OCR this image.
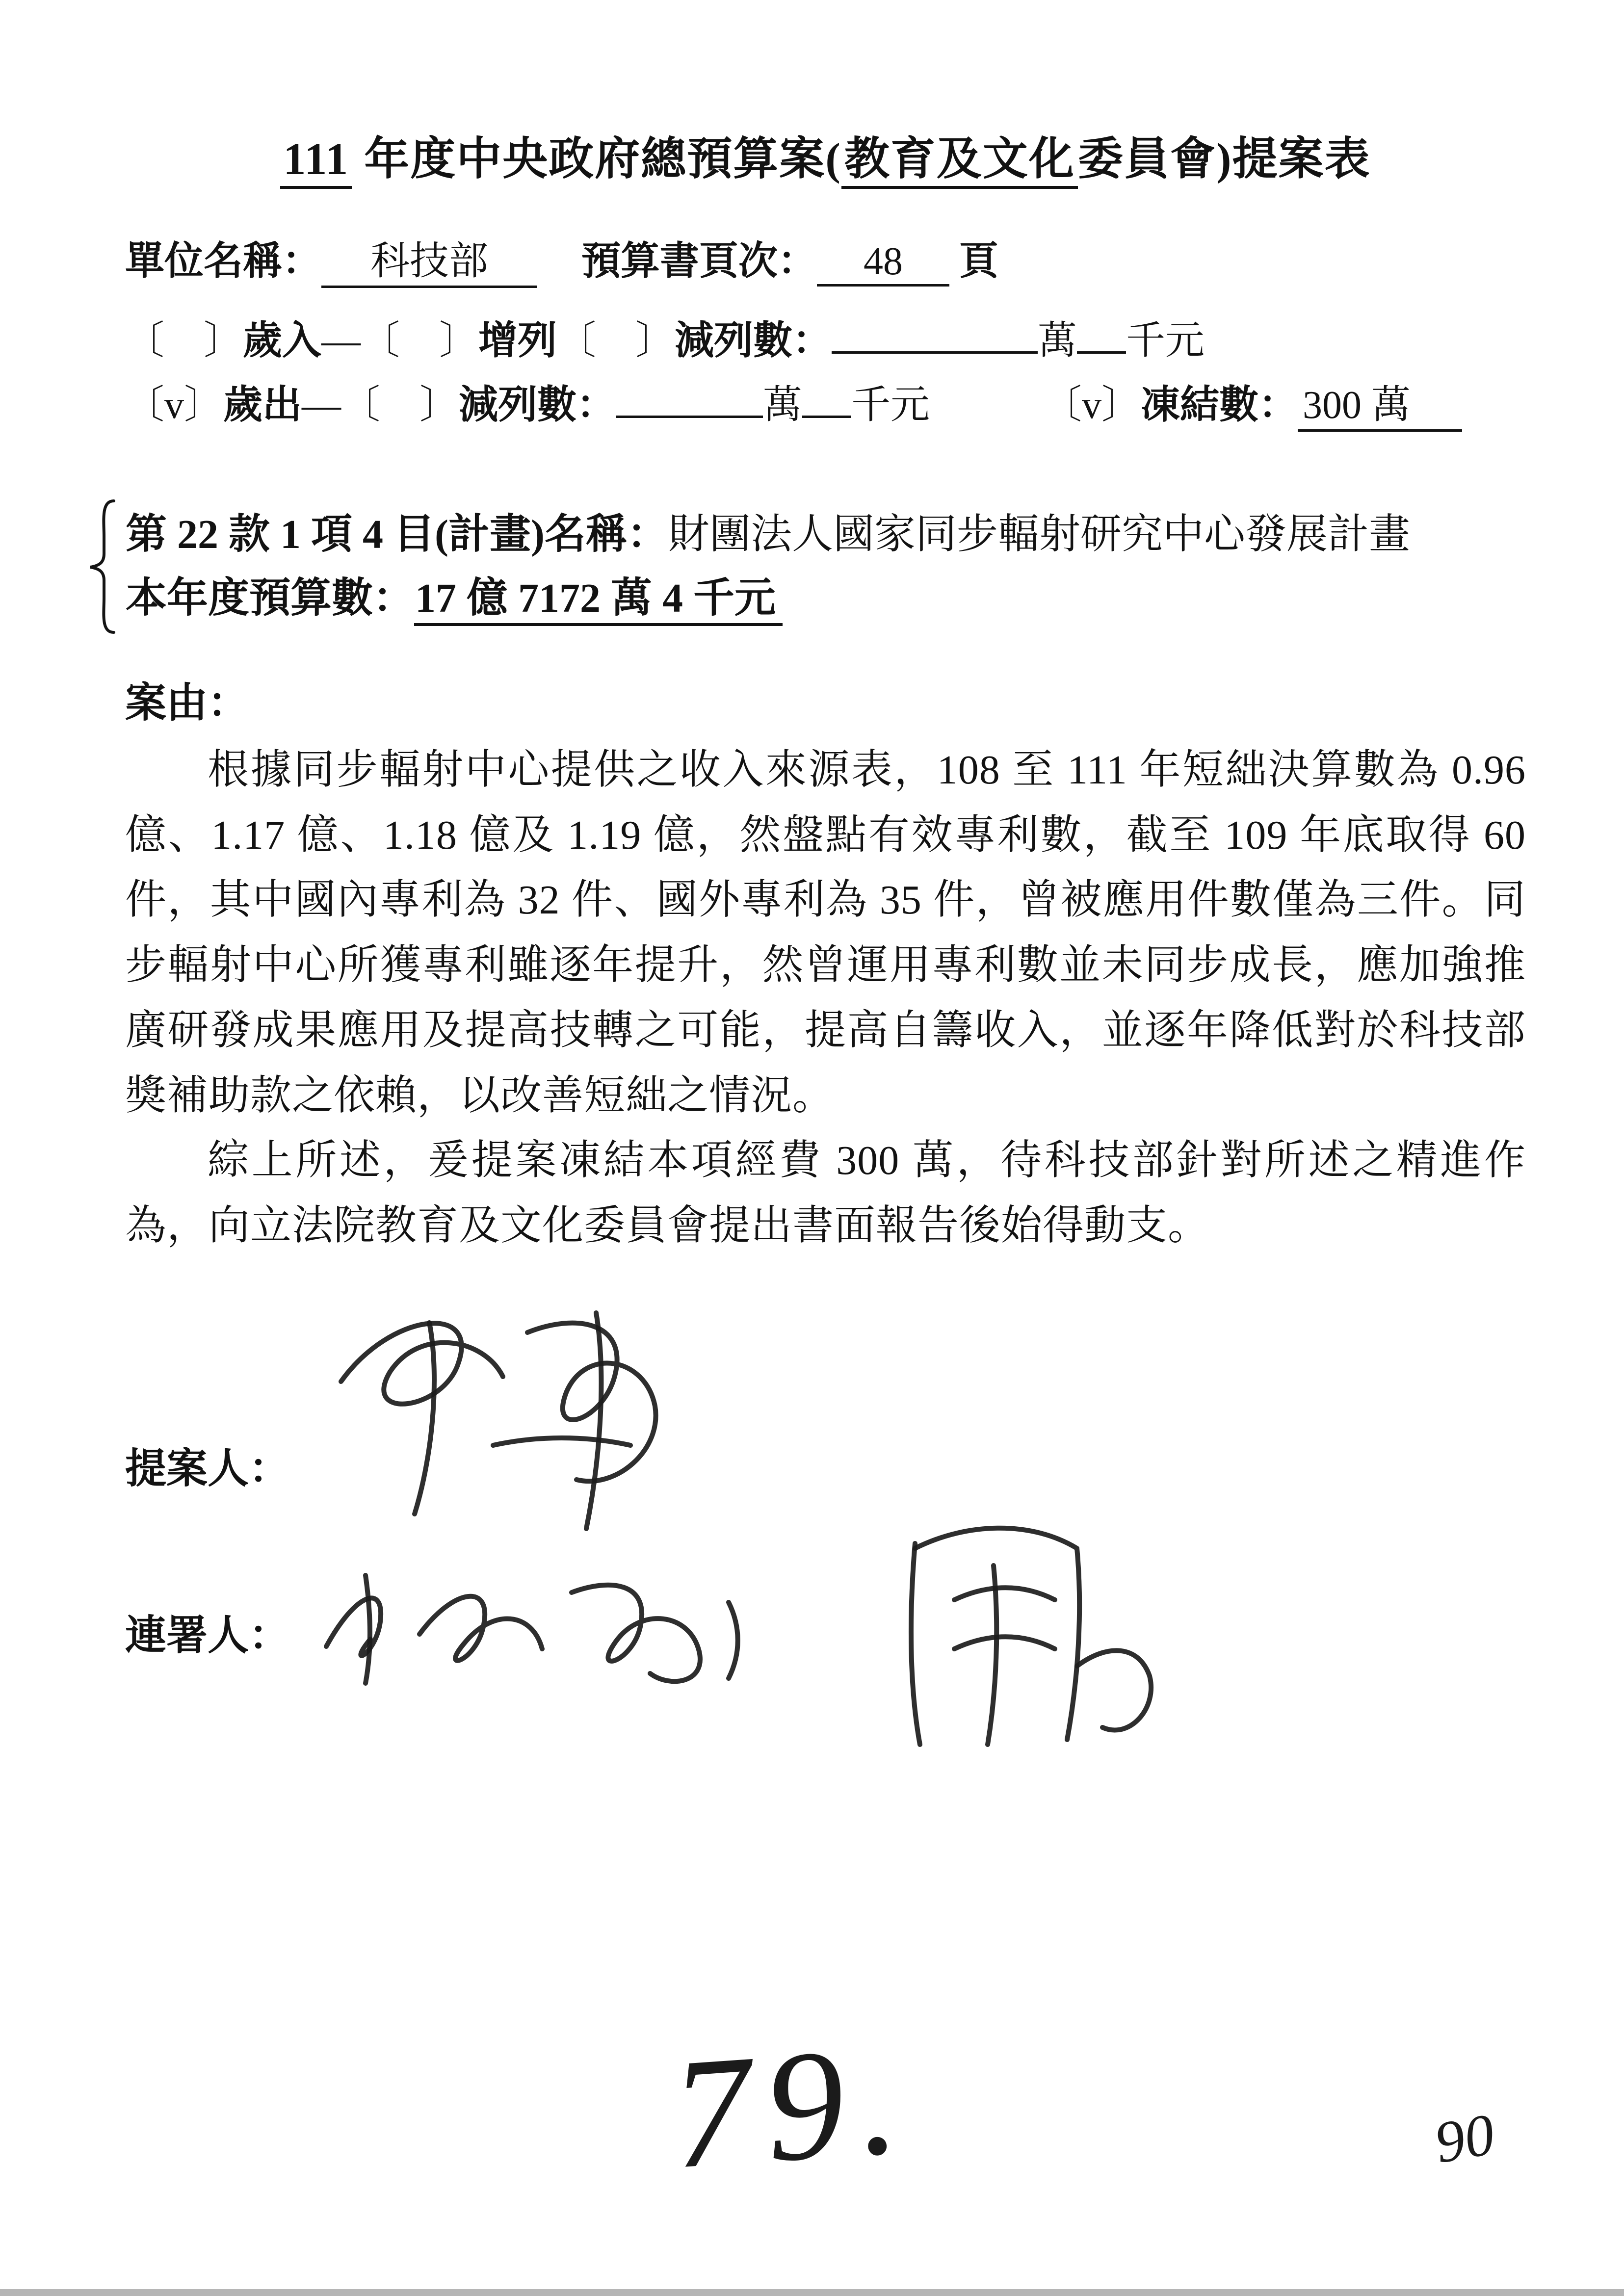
111 年度中央政府總預算案(教育及文化委員會)提案表
單位名稱： 科技部 預算書頁次： 48 頁
〔　〕歲入—〔　〕增列〔　〕減列數：	萬 千元
〔v〕歲出—〔　〕減列數：	萬 千元	〔v〕凍結數： 300 萬
第 22 款 1 項 4 目(計畫)名稱：財團法人國家同步輻射研究中心發展計畫
本年度預算數：17 億 7172 萬 4 千元
案由：

根據同步輻射中心提供之收入來源表，108 至 111 年短絀決算數為 0.96 億、1.17 億、1.18 億及 1.19 億，然盤點有效專利數，截至 109 年底取得 60 件，其中國內專利為 32 件、國外專利為 35 件，曾被應用件數僅為三件。同步輻射中心所獲專利雖逐年提升，然曾運用專利數並未同步成長，應加強推廣研發成果應用及提高技轉之可能，提高自籌收入，並逐年降低對於科技部獎補助款之依賴，以改善短絀之情況。

綜上所述，爰提案凍結本項經費 300 萬，待科技部針對所述之精進作為，向立法院教育及文化委員會提出書面報告後始得動支。

提案人：
連署人：
79.	90
